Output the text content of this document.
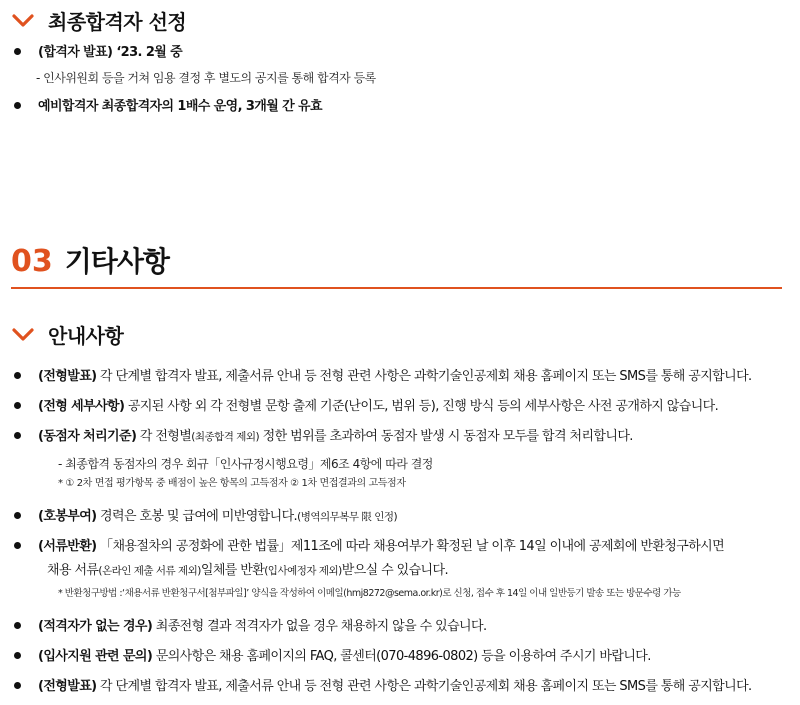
최종합격자 선정
(합격자 발표) ‘23. 2월 중
- 인사위원회 등을 거쳐 임용 결정 후 별도의 공지를 통해 합격자 등록
예비합격자 최종합격자의 1배수 운영, 3개월 간 유효
03 기타사항
안내사항
(전형발표) 각 단계별 합격자 발표, 제출서류 안내 등 전형 관련 사항은 과학기술인공제회 채용 홈페이지 또는 SMS를 통해 공지합니다.
(전형 세부사항) 공지된 사항 외 각 전형별 문항 출제 기준(난이도, 범위 등), 진행 방식 등의 세부사항은 사전 공개하지 않습니다.
(동점자 처리기준) 각 전형별(최종합격 제외) 정한 범위를 초과하여 동점자 발생 시 동점자 모두를 합격 처리합니다.
- 최종합격 동점자의 경우 회규「인사규정시행요령」제6조 4항에 따라 결정
* ① 2차 면접 평가항목 중 배점이 높은 항목의 고득점자 ② 1차 면접결과의 고득점자
(호봉부여) 경력은 호봉 및 급여에 미반영합니다.(병역의무복무 限 인정)
(서류반환) 「채용절차의 공정화에 관한 법률」제11조에 따라 채용여부가 확정된 날 이후 14일 이내에 공제회에 반환청구하시면
채용 서류(온라인 제출 서류 제외)일체를 반환(입사예정자 제외)받으실 수 있습니다.
* 반환청구방법 :‘채용서류 반환청구서[첨부파일]’ 양식을 작성하여 이메일(hmj8272@sema.or.kr)로 신청, 접수 후 14일 이내 일반등기 발송 또는 방문수령 가능
(적격자가 없는 경우) 최종전형 결과 적격자가 없을 경우 채용하지 않을 수 있습니다.
(입사지원 관련 문의) 문의사항은 채용 홈페이지의 FAQ, 콜센터(070-4896-0802) 등을 이용하여 주시기 바랍니다.
(전형발표) 각 단계별 합격자 발표, 제출서류 안내 등 전형 관련 사항은 과학기술인공제회 채용 홈페이지 또는 SMS를 통해 공지합니다.
